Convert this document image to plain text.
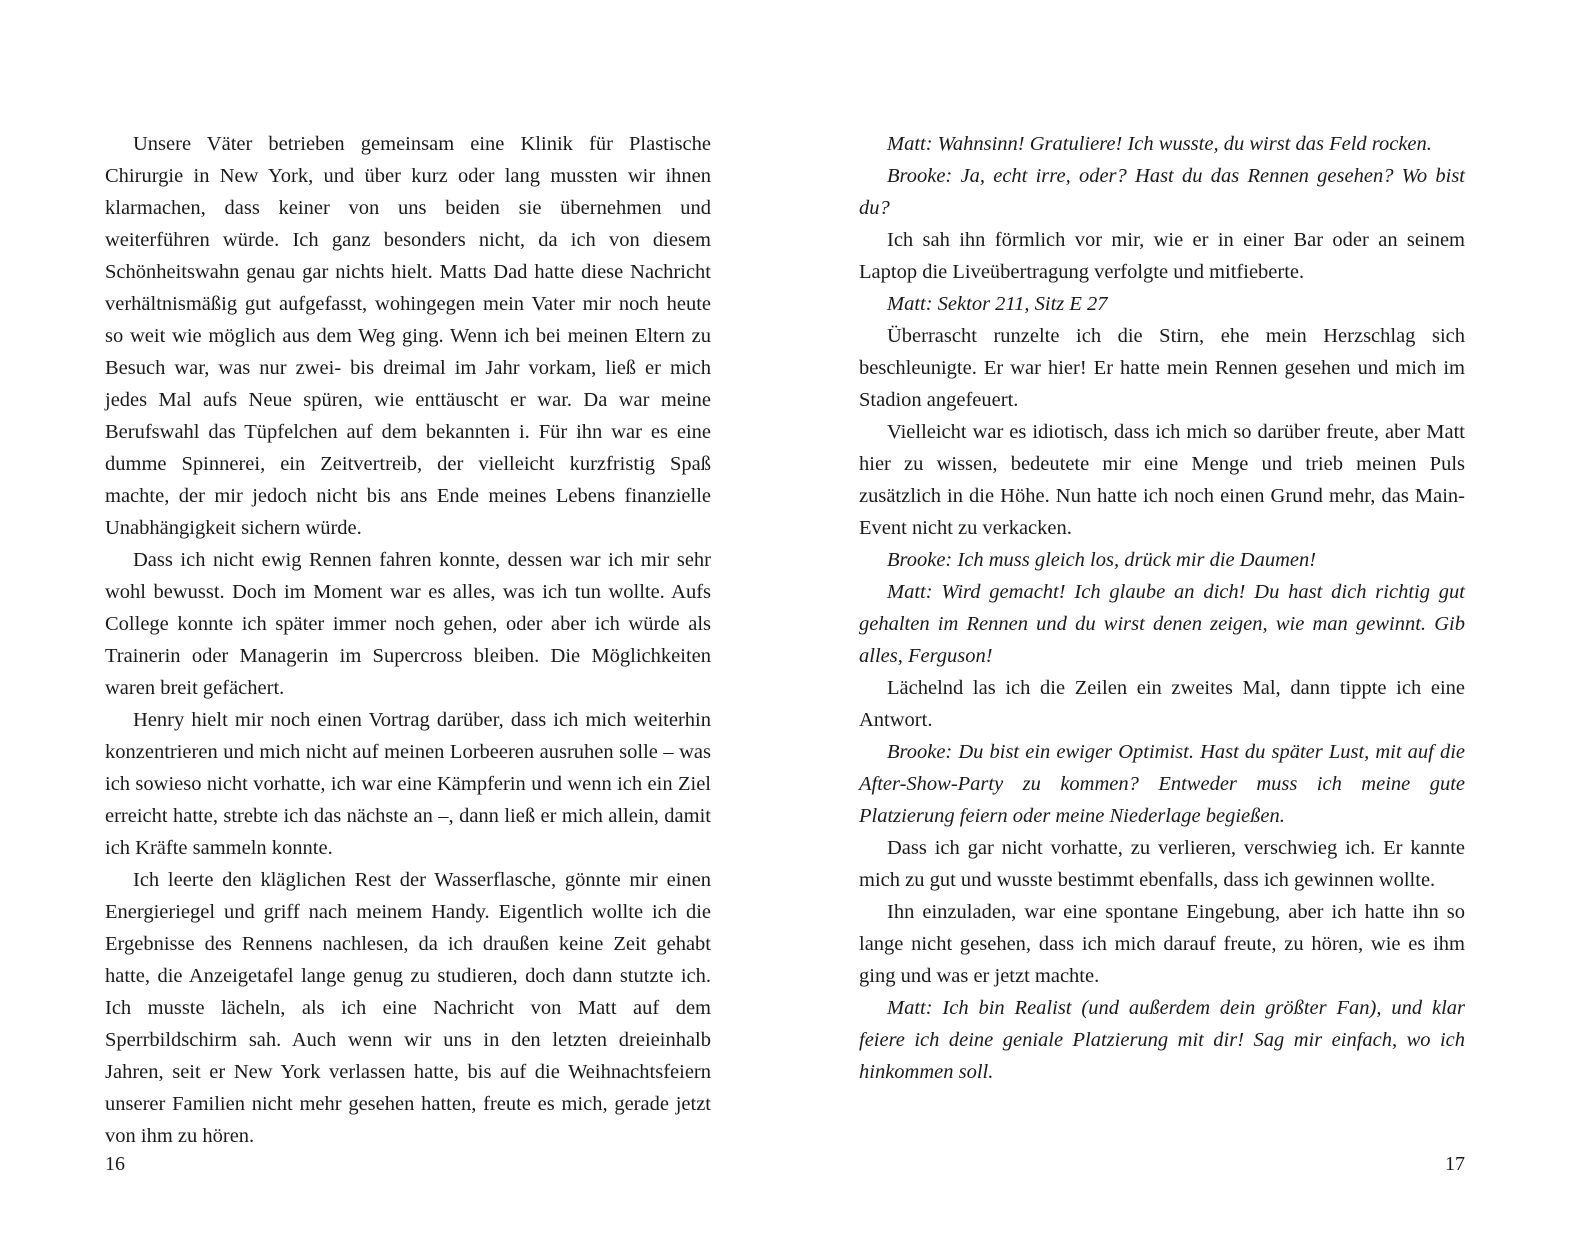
Unsere Väter betrieben gemeinsam eine Klinik für Plastische Chirurgie in New York, und über kurz oder lang mussten wir ihnen klarmachen, dass keiner von uns beiden sie übernehmen und weiterführen würde. Ich ganz besonders nicht, da ich von diesem Schönheitswahn genau gar nichts hielt. Matts Dad hatte diese Nachricht verhältnismäßig gut aufgefasst, wohingegen mein Vater mir noch heute so weit wie möglich aus dem Weg ging. Wenn ich bei meinen Eltern zu Besuch war, was nur zwei- bis dreimal im Jahr vorkam, ließ er mich jedes Mal aufs Neue spüren, wie enttäuscht er war. Da war meine Berufswahl das Tüpfelchen auf dem bekannten i. Für ihn war es eine dumme Spinnerei, ein Zeitvertreib, der vielleicht kurzfristig Spaß machte, der mir jedoch nicht bis ans Ende meines Lebens finanzielle Unabhängigkeit sichern würde.

Dass ich nicht ewig Rennen fahren konnte, dessen war ich mir sehr wohl bewusst. Doch im Moment war es alles, was ich tun wollte. Aufs College konnte ich später immer noch gehen, oder aber ich würde als Trainerin oder Managerin im Supercross bleiben. Die Möglichkeiten waren breit gefächert.

Henry hielt mir noch einen Vortrag darüber, dass ich mich weiterhin konzentrieren und mich nicht auf meinen Lorbeeren ausruhen solle – was ich sowieso nicht vorhatte, ich war eine Kämpferin und wenn ich ein Ziel erreicht hatte, strebte ich das nächste an –, dann ließ er mich allein, damit ich Kräfte sammeln konnte.

Ich leerte den kläglichen Rest der Wasserflasche, gönnte mir einen Energieriegel und griff nach meinem Handy. Eigentlich wollte ich die Ergebnisse des Rennens nachlesen, da ich draußen keine Zeit gehabt hatte, die Anzeigetafel lange genug zu studieren, doch dann stutzte ich. Ich musste lächeln, als ich eine Nachricht von Matt auf dem Sperrbildschirm sah. Auch wenn wir uns in den letzten dreieinhalb Jahren, seit er New York verlassen hatte, bis auf die Weihnachtsfeiern unserer Familien nicht mehr gesehen hatten, freute es mich, gerade jetzt von ihm zu hören.

16

Matt: Wahnsinn! Gratuliere! Ich wusste, du wirst das Feld rocken.

Brooke: Ja, echt irre, oder? Hast du das Rennen gesehen? Wo bist du?

Ich sah ihn förmlich vor mir, wie er in einer Bar oder an seinem Laptop die Liveübertragung verfolgte und mitfieberte.

Matt: Sektor 211, Sitz E 27

Überrascht runzelte ich die Stirn, ehe mein Herzschlag sich beschleunigte. Er war hier! Er hatte mein Rennen gesehen und mich im Stadion angefeuert.

Vielleicht war es idiotisch, dass ich mich so darüber freute, aber Matt hier zu wissen, bedeutete mir eine Menge und trieb meinen Puls zusätzlich in die Höhe. Nun hatte ich noch einen Grund mehr, das Main-Event nicht zu verkacken.

Brooke: Ich muss gleich los, drück mir die Daumen!

Matt: Wird gemacht! Ich glaube an dich! Du hast dich richtig gut gehalten im Rennen und du wirst denen zeigen, wie man gewinnt. Gib alles, Ferguson!

Lächelnd las ich die Zeilen ein zweites Mal, dann tippte ich eine Antwort.

Brooke: Du bist ein ewiger Optimist. Hast du später Lust, mit auf die After-Show-Party zu kommen? Entweder muss ich meine gute Platzierung feiern oder meine Niederlage begießen.

Dass ich gar nicht vorhatte, zu verlieren, verschwieg ich. Er kannte mich zu gut und wusste bestimmt ebenfalls, dass ich gewinnen wollte.

Ihn einzuladen, war eine spontane Eingebung, aber ich hatte ihn so lange nicht gesehen, dass ich mich darauf freute, zu hören, wie es ihm ging und was er jetzt machte.

Matt: Ich bin Realist (und außerdem dein größter Fan), und klar feiere ich deine geniale Platzierung mit dir! Sag mir einfach, wo ich hinkommen soll.

17
